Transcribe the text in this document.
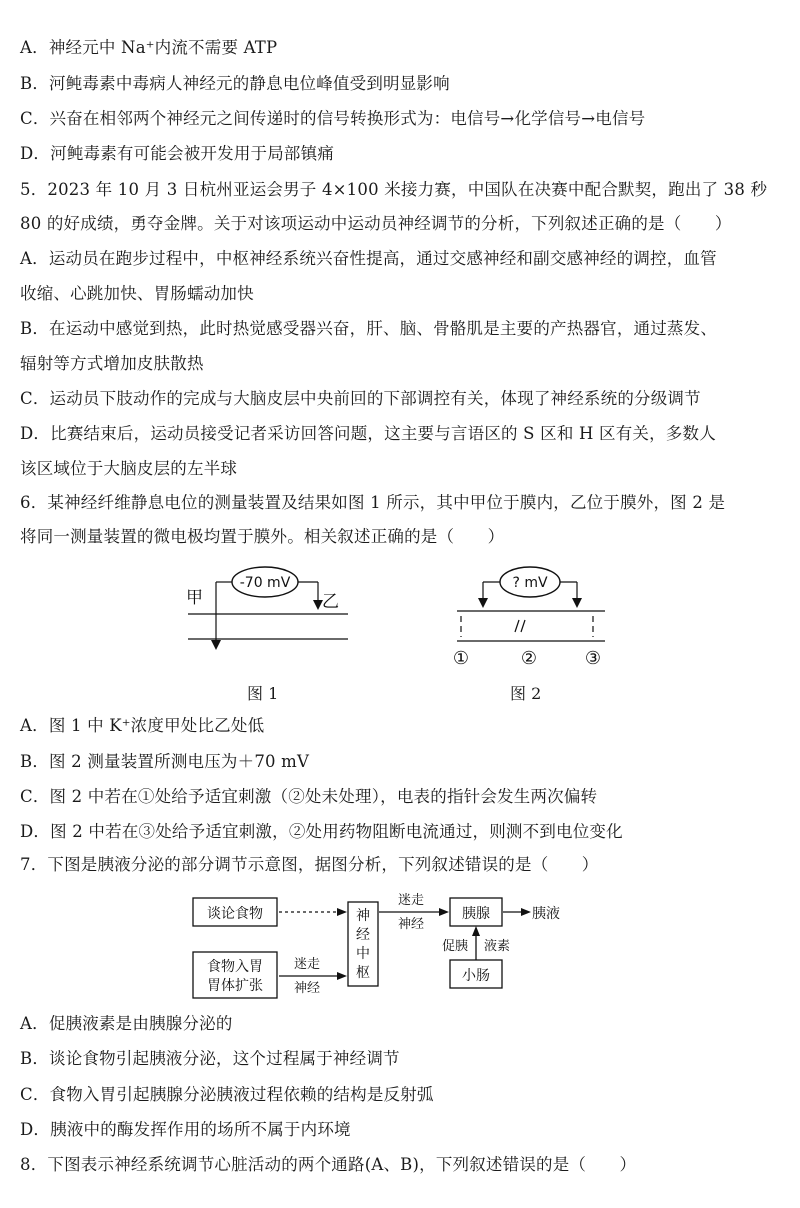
A．神经元中 Na⁺内流不需要 ATP
B．河鲀毒素中毒病人神经元的静息电位峰值受到明显影响
C．兴奋在相邻两个神经元之间传递时的信号转换形式为：电信号→化学信号→电信号
D．河鲀毒素有可能会被开发用于局部镇痛
5．2023 年 10 月 3 日杭州亚运会男子 4×100 米接力赛，中国队在决赛中配合默契，跑出了 38 秒
80 的好成绩，勇夺金牌。关于对该项运动中运动员神经调节的分析，下列叙述正确的是（　　）
A．运动员在跑步过程中，中枢神经系统兴奋性提高，通过交感神经和副交感神经的调控，血管
收缩、心跳加快、胃肠蠕动加快
B．在运动中感觉到热，此时热觉感受器兴奋，肝、脑、骨骼肌是主要的产热器官，通过蒸发、
辐射等方式增加皮肤散热
C．运动员下肢动作的完成与大脑皮层中央前回的下部调控有关，体现了神经系统的分级调节
D．比赛结束后，运动员接受记者采访回答问题，这主要与言语区的 S 区和 H 区有关，多数人
该区域位于大脑皮层的左半球
6．某神经纤维静息电位的测量装置及结果如图 1 所示，其中甲位于膜内，乙位于膜外，图 2 是
将同一测量装置的微电极均置于膜外。相关叙述正确的是（　　）
-70 mV
甲	乙
图 1
? mV
①	②	③
图 2
A．图 1 中 K⁺浓度甲处比乙处低
B．图 2 测量装置所测电压为＋70 mV
C．图 2 中若在①处给予适宜刺激（②处未处理），电表的指针会发生两次偏转
D．图 2 中若在③处给予适宜刺激，②处用药物阻断电流通过，则测不到电位变化
7．下图是胰液分泌的部分调节示意图，据图分析，下列叙述错误的是（　　）
谈论食物
食物入胃
胃体扩张
迷走
神经
神
经
中
枢
迷走
神经
胰腺	胰液
促胰 液素
小肠
A．促胰液素是由胰腺分泌的
B．谈论食物引起胰液分泌，这个过程属于神经调节
C．食物入胃引起胰腺分泌胰液过程依赖的结构是反射弧
D．胰液中的酶发挥作用的场所不属于内环境
8．下图表示神经系统调节心脏活动的两个通路(A、B)，下列叙述错误的是（　　）
